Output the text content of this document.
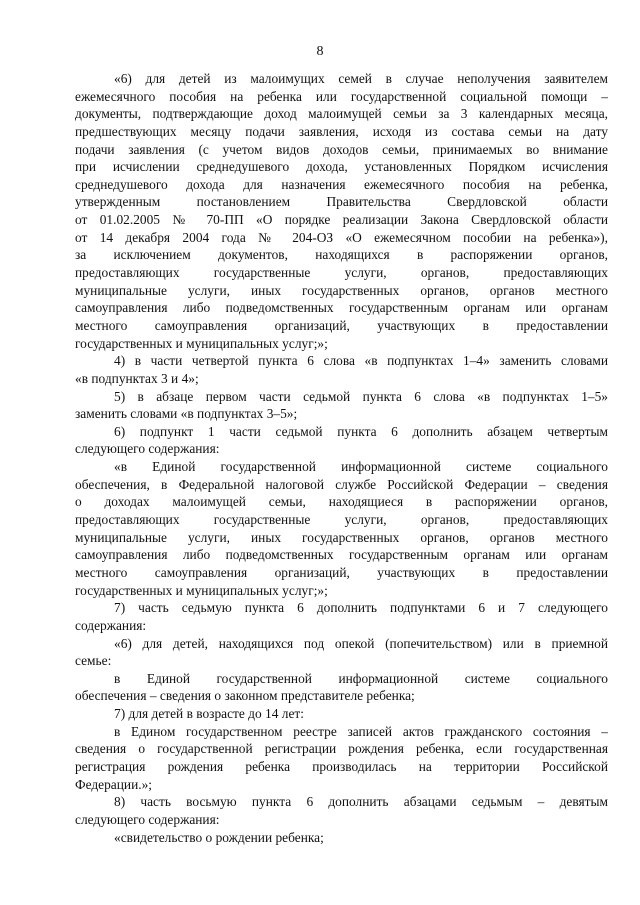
8
«6) для детей из малоимущих семей в случае неполучения заявителем
ежемесячного пособия на ребенка или государственной социальной помощи –
документы, подтверждающие доход малоимущей семьи за 3 календарных месяца,
предшествующих месяцу подачи заявления, исходя из состава семьи на дату
подачи заявления (с учетом видов доходов семьи, принимаемых во внимание
при исчислении среднедушевого дохода, установленных Порядком исчисления
среднедушевого дохода для назначения ежемесячного пособия на ребенка,
утвержденным постановлением Правительства Свердловской области
от 01.02.2005 № 70-ПП «О порядке реализации Закона Свердловской области
от 14 декабря 2004 года № 204-ОЗ «О ежемесячном пособии на ребенка»),
за исключением документов, находящихся в распоряжении органов,
предоставляющих государственные услуги, органов, предоставляющих
муниципальные услуги, иных государственных органов, органов местного
самоуправления либо подведомственных государственным органам или органам
местного самоуправления организаций, участвующих в предоставлении
государственных и муниципальных услуг;»;
4) в части четвертой пункта 6 слова «в подпунктах 1–4» заменить словами
«в подпунктах 3 и 4»;
5) в абзаце первом части седьмой пункта 6 слова «в подпунктах 1–5»
заменить словами «в подпунктах 3–5»;
6) подпункт 1 части седьмой пункта 6 дополнить абзацем четвертым
следующего содержания:
«в Единой государственной информационной системе социального
обеспечения, в Федеральной налоговой службе Российской Федерации – сведения
о доходах малоимущей семьи, находящиеся в распоряжении органов,
предоставляющих государственные услуги, органов, предоставляющих
муниципальные услуги, иных государственных органов, органов местного
самоуправления либо подведомственных государственным органам или органам
местного самоуправления организаций, участвующих в предоставлении
государственных и муниципальных услуг;»;
7) часть седьмую пункта 6 дополнить подпунктами 6 и 7 следующего
содержания:
«6) для детей, находящихся под опекой (попечительством) или в приемной
семье:
в Единой государственной информационной системе социального
обеспечения – сведения о законном представителе ребенка;
7) для детей в возрасте до 14 лет:
в Едином государственном реестре записей актов гражданского состояния –
сведения о государственной регистрации рождения ребенка, если государственная
регистрация рождения ребенка производилась на территории Российской
Федерации.»;
8) часть восьмую пункта 6 дополнить абзацами седьмым – девятым
следующего содержания:
«свидетельство о рождении ребенка;
